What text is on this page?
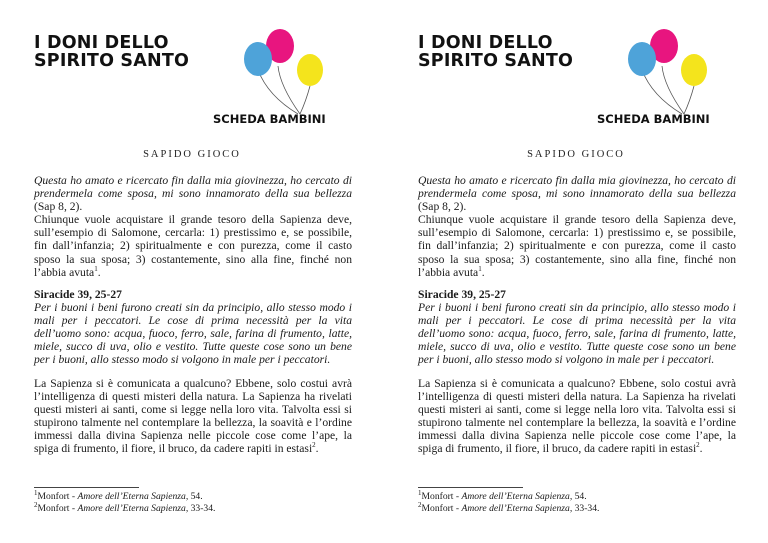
I DONI DELLO
SPIRITO SANTO
SCHEDA BAMBINI
SAPIDO GIOCO
Questa ho amato e ricercato fin dalla mia giovinezza, ho cercato di prendermela come sposa, mi sono innamorato della sua bellezza (Sap 8, 2).
Chiunque vuole acquistare il grande tesoro della Sapienza deve, sull’esempio di Salomone, cercarla: 1) prestissimo e, se possibile, fin dall’infanzia; 2) spiritualmente e con purezza, come il casto sposo la sua sposa; 3) costantemente, sino alla fine, finché non l’abbia avuta$^1$.
Siracide 39, 25-27
Per i buoni i beni furono creati sin da principio, allo stesso modo i mali per i peccatori. Le cose di prima necessità per la vita dell’uomo sono: acqua, fuoco, ferro, sale, farina di frumento, latte, miele, succo di uva, olio e vestito. Tutte queste cose sono un bene per i buoni, allo stesso modo si volgono in male per i peccatori.
La Sapienza si è comunicata a qualcuno? Ebbene, solo costui avrà l’intelligenza di questi misteri della natura. La Sapienza ha rivelati questi misteri ai santi, come si legge nella loro vita. Talvolta essi si stupirono talmente nel contemplare la bellezza, la soavità e l’ordine immessi dalla divina Sapienza nelle piccole cose come l’ape, la spiga di frumento, il fiore, il bruco, da cadere rapiti in estasi$^2$.
$^1$Monfort - Amore dell’Eterna Sapienza, 54.
$^2$Monfort - Amore dell’Eterna Sapienza, 33-34.
I DONI DELLO
SPIRITO SANTO
SCHEDA BAMBINI
SAPIDO GIOCO
Questa ho amato e ricercato fin dalla mia giovinezza, ho cercato di prendermela come sposa, mi sono innamorato della sua bellezza (Sap 8, 2).
Chiunque vuole acquistare il grande tesoro della Sapienza deve, sull’esempio di Salomone, cercarla: 1) prestissimo e, se possibile, fin dall’infanzia; 2) spiritualmente e con purezza, come il casto sposo la sua sposa; 3) costantemente, sino alla fine, finché non l’abbia avuta$^1$.
Siracide 39, 25-27
Per i buoni i beni furono creati sin da principio, allo stesso modo i mali per i peccatori. Le cose di prima necessità per la vita dell’uomo sono: acqua, fuoco, ferro, sale, farina di frumento, latte, miele, succo di uva, olio e vestito. Tutte queste cose sono un bene per i buoni, allo stesso modo si volgono in male per i peccatori.
La Sapienza si è comunicata a qualcuno? Ebbene, solo costui avrà l’intelligenza di questi misteri della natura. La Sapienza ha rivelati questi misteri ai santi, come si legge nella loro vita. Talvolta essi si stupirono talmente nel contemplare la bellezza, la soavità e l’ordine immessi dalla divina Sapienza nelle piccole cose come l’ape, la spiga di frumento, il fiore, il bruco, da cadere rapiti in estasi$^2$.
$^1$Monfort - Amore dell’Eterna Sapienza, 54.
$^2$Monfort - Amore dell’Eterna Sapienza, 33-34.
